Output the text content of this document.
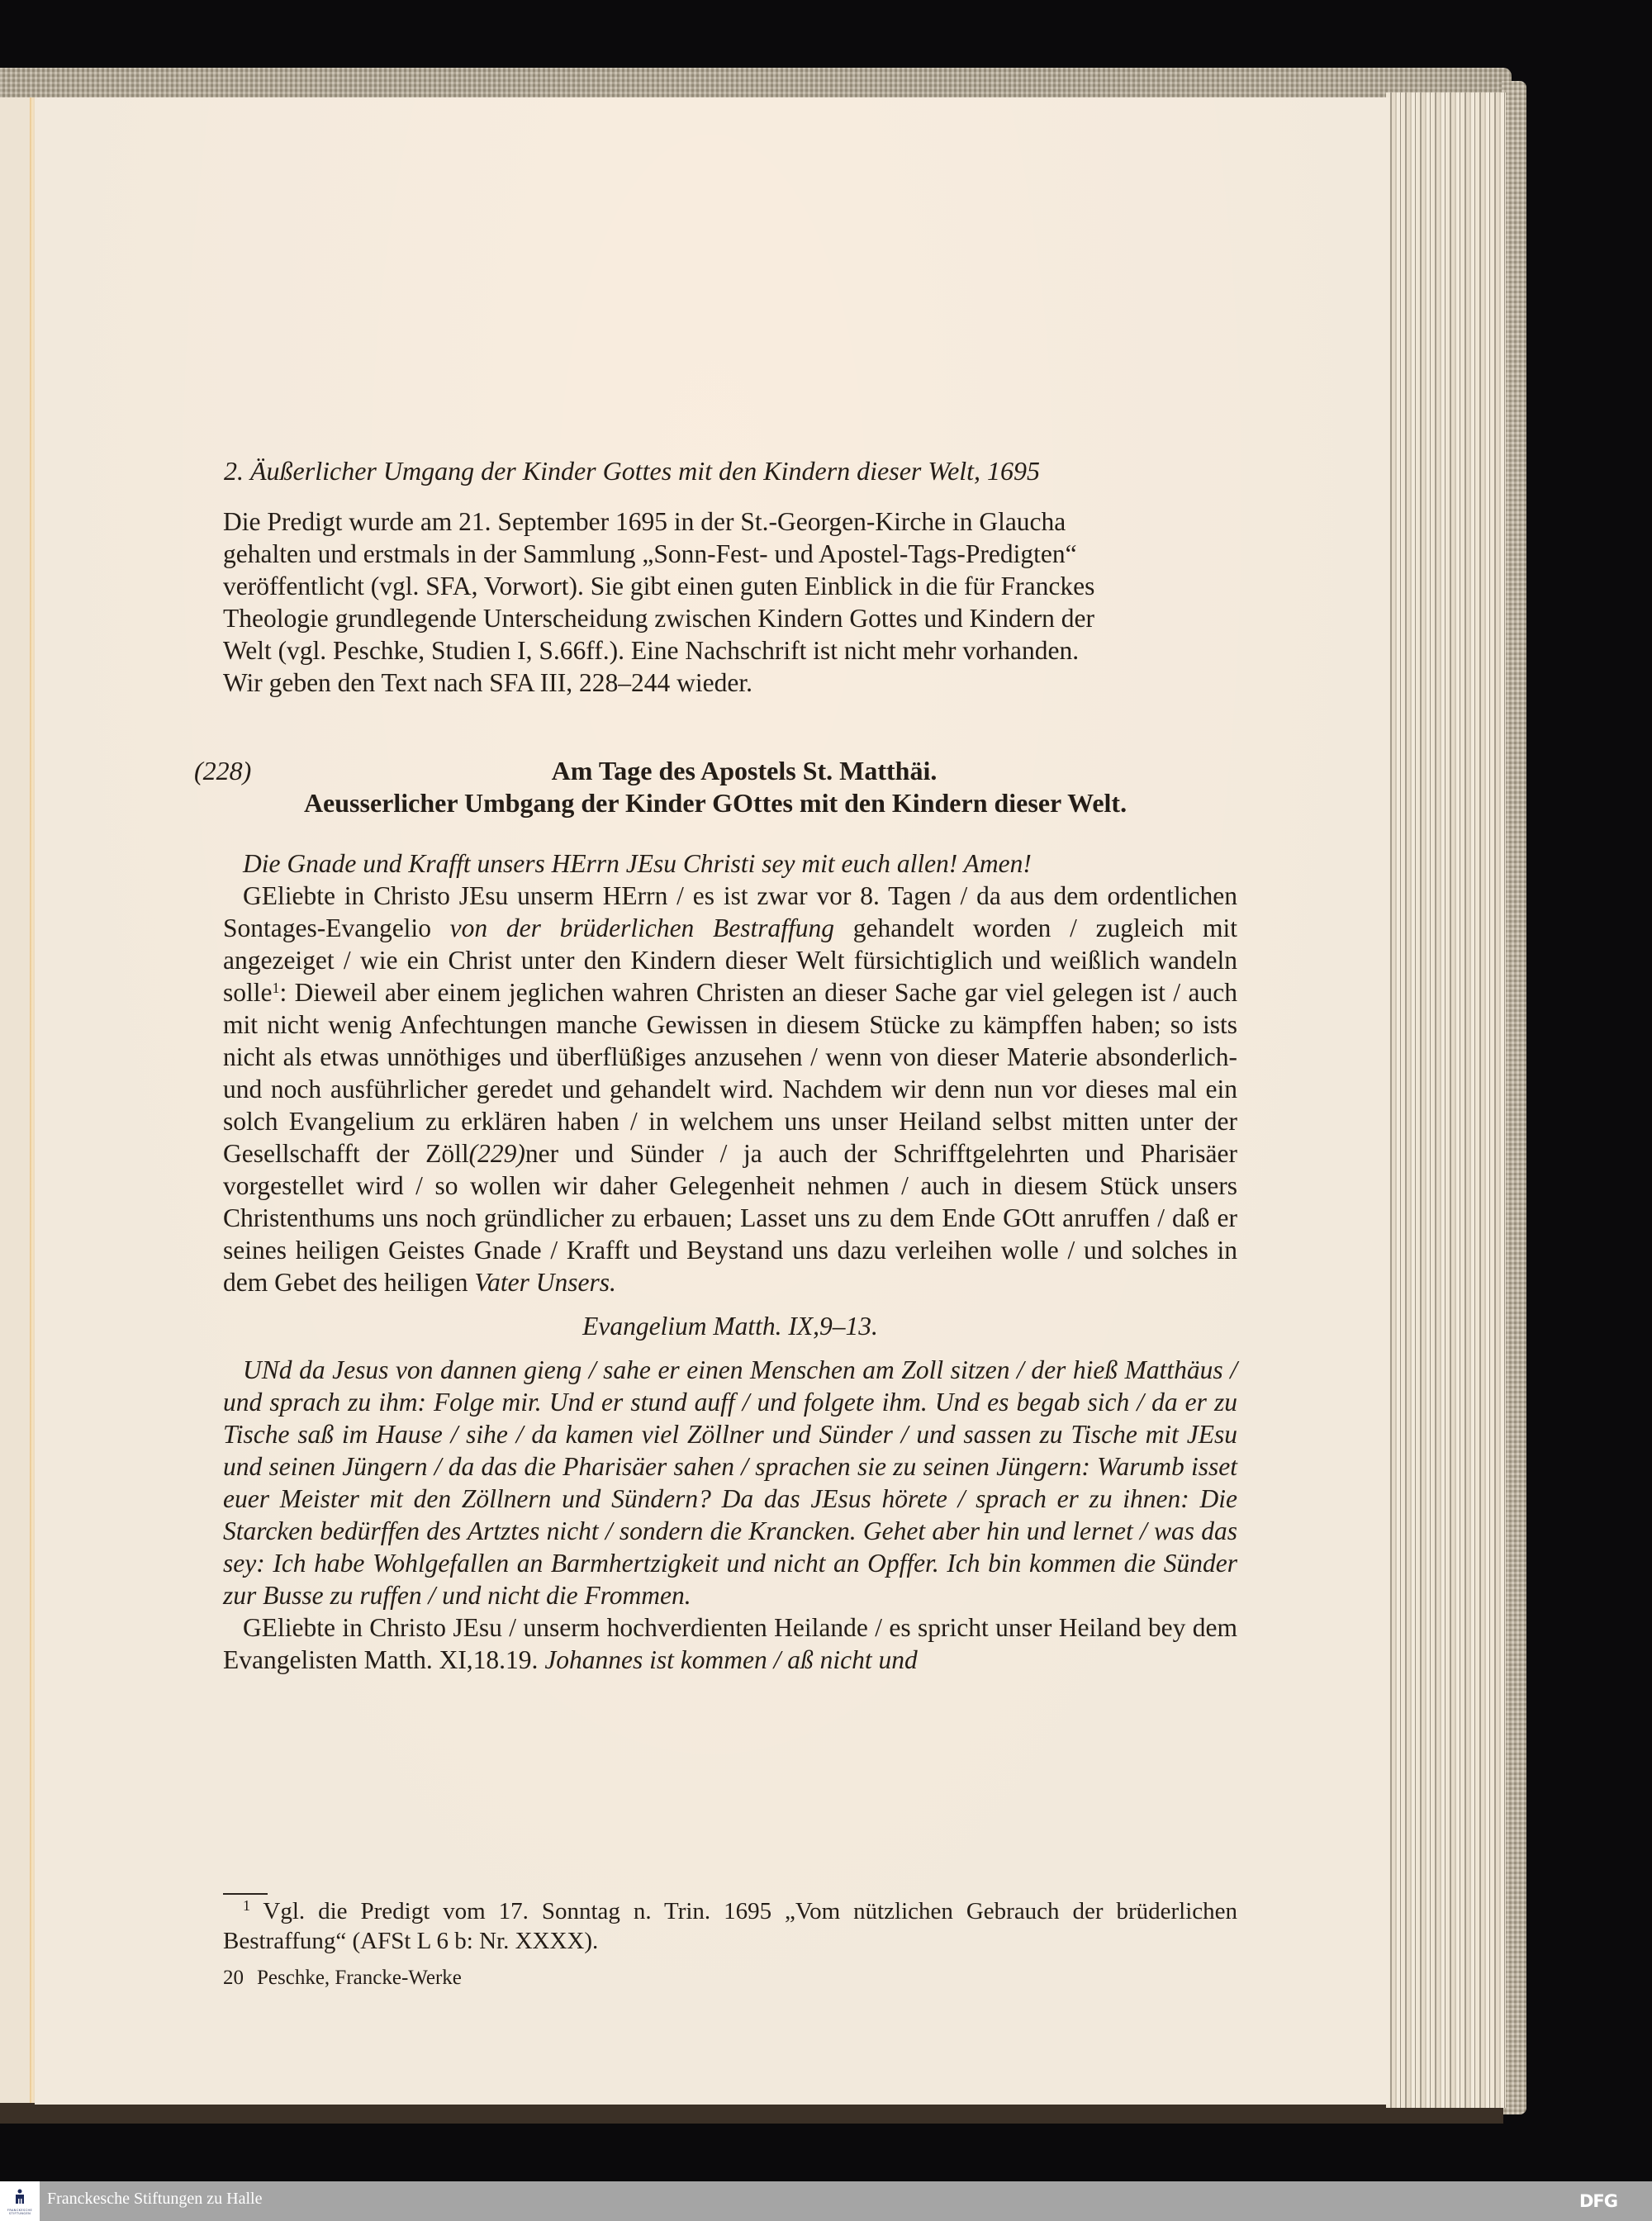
2. Äußerlicher Umgang der Kinder Gottes mit den Kindern dieser Welt, 1695

Die Predigt wurde am 21. September 1695 in der St.-Georgen-Kirche in Glaucha

gehalten und erstmals in der Sammlung „Sonn-Fest- und Apostel-Tags-Predigten“

veröffentlicht (vgl. SFA, Vorwort). Sie gibt einen guten Einblick in die für Franckes

Theologie grundlegende Unterscheidung zwischen Kindern Gottes und Kindern der

Welt (vgl. Peschke, Studien I, S.66ff.). Eine Nachschrift ist nicht mehr vorhanden.

Wir geben den Text nach SFA III, 228–244 wieder.

(228)	Am Tage des Apostels St. Matthäi.
Aeusserlicher Umbgang der Kinder GOttes mit den Kindern dieser Welt.

Die Gnade und Krafft unsers HErrn JEsu Christi sey mit euch allen! Amen!

GEliebte in Christo JEsu unserm HErrn / es ist zwar vor 8. Tagen / da aus dem ordentlichen Sontages-Evangelio von der brüderlichen Bestraffung gehandelt worden / zugleich mit angezeiget / wie ein Christ unter den Kindern dieser Welt fürsichtiglich und weißlich wandeln solle$^1$: Dieweil aber einem jeglichen wahren Christen an dieser Sache gar viel gelegen ist / auch mit nicht wenig Anfechtungen manche Gewissen in diesem Stücke zu kämpffen haben; so ists nicht als etwas unnöthiges und überflüßiges anzusehen / wenn von dieser Materie absonderlich- und noch ausführlicher geredet und gehandelt wird. Nachdem wir denn nun vor dieses mal ein solch Evangelium zu erklären haben / in welchem uns unser Heiland selbst mitten unter der Gesellschafft der Zöll(229)ner und Sünder / ja auch der Schrifftgelehrten und Pharisäer vorgestellet wird / so wollen wir daher Gelegenheit nehmen / auch in diesem Stück unsers Christenthums uns noch gründlicher zu erbauen; Lasset uns zu dem Ende GOtt anruffen / daß er seines heiligen Geistes Gnade / Krafft und Beystand uns dazu verleihen wolle / und solches in dem Gebet des heiligen Vater Unsers.

Evangelium Matth. IX,9–13.

UNd da Jesus von dannen gieng / sahe er einen Menschen am Zoll sitzen / der hieß Matthäus / und sprach zu ihm: Folge mir. Und er stund auff / und folgete ihm. Und es begab sich / da er zu Tische saß im Hause / sihe / da kamen viel Zöllner und Sünder / und sassen zu Tische mit JEsu und seinen Jüngern / da das die Pharisäer sahen / sprachen sie zu seinen Jüngern: Warumb isset euer Meister mit den Zöllnern und Sündern? Da das JEsus hörete / sprach er zu ihnen: Die Starcken bedürffen des Artztes nicht / sondern die Krancken. Gehet aber hin und lernet / was das sey: Ich habe Wohlgefallen an Barmhertzigkeit und nicht an Opffer. Ich bin kommen die Sünder zur Busse zu ruffen / und nicht die Frommen.

GEliebte in Christo JEsu / unserm hochverdienten Heilande / es spricht unser Heiland bey dem Evangelisten Matth. XI,18.19. Johannes ist kommen / aß nicht und

$^1$ Vgl. die Predigt vom 17. Sonntag n. Trin. 1695 „Vom nützlichen Gebrauch der brüderlichen Bestraffung“ (AFSt L 6 b: Nr. XXXX).

20 Peschke, Francke-Werke
FRANCKESCHE
STIFTUNGEN
Franckesche Stiftungen zu Halle	DFG
